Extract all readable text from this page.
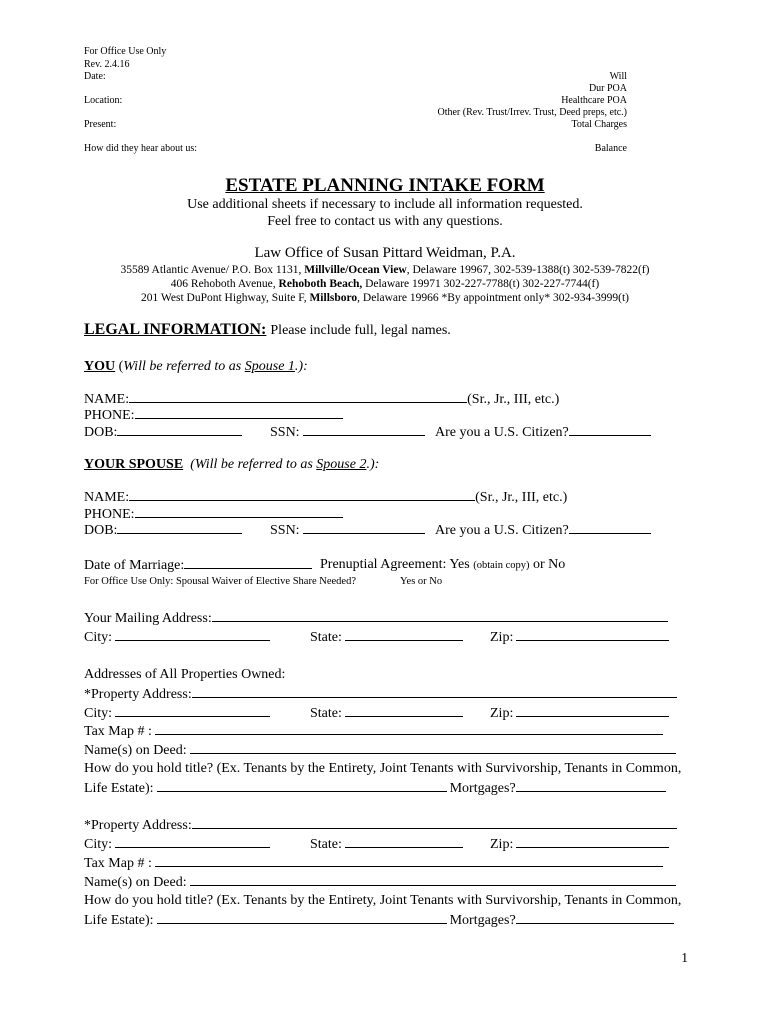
For Office Use Only
Rev. 2.4.16
Date:
Location:
Present:
How did they hear about us:
Will
Dur POA
Healthcare POA
Other (Rev. Trust/Irrev. Trust, Deed preps, etc.)
Total Charges
Balance
ESTATE PLANNING INTAKE FORM
Use additional sheets if necessary to include all information requested.
Feel free to contact us with any questions.
Law Office of Susan Pittard Weidman, P.A.
35589 Atlantic Avenue/ P.O. Box 1131, Millville/Ocean View, Delaware 19967, 302-539-1388(t) 302-539-7822(f)
406 Rehoboth Avenue, Rehoboth Beach, Delaware 19971 302-227-7788(t) 302-227-7744(f)
201 West DuPont Highway, Suite F, Millsboro, Delaware 19966 *By appointment only* 302-934-3999(t)
LEGAL INFORMATION: Please include full, legal names.
YOU (Will be referred to as Spouse 1.):
NAME:	(Sr., Jr., III, etc.)
PHONE:
DOB:	SSN:	Are you a U.S. Citizen?
YOUR SPOUSE (Will be referred to as Spouse 2.):
NAME:	(Sr., Jr., III, etc.)
PHONE:
DOB:	SSN:	Are you a U.S. Citizen?
Date of Marriage:	Prenuptial Agreement: Yes (obtain copy) or No
For Office Use Only: Spousal Waiver of Elective Share Needed?	Yes or No
Your Mailing Address:
City:	State:	Zip:
Addresses of All Properties Owned:
*Property Address:
City:	State:	Zip:
Tax Map # :
Name(s) on Deed:
How do you hold title? (Ex. Tenants by the Entirety, Joint Tenants with Survivorship, Tenants in Common,
Life Estate):	Mortgages?
*Property Address:
City:	State:	Zip:
Tax Map # :
Name(s) on Deed:
How do you hold title? (Ex. Tenants by the Entirety, Joint Tenants with Survivorship, Tenants in Common,
Life Estate):	Mortgages?
1
